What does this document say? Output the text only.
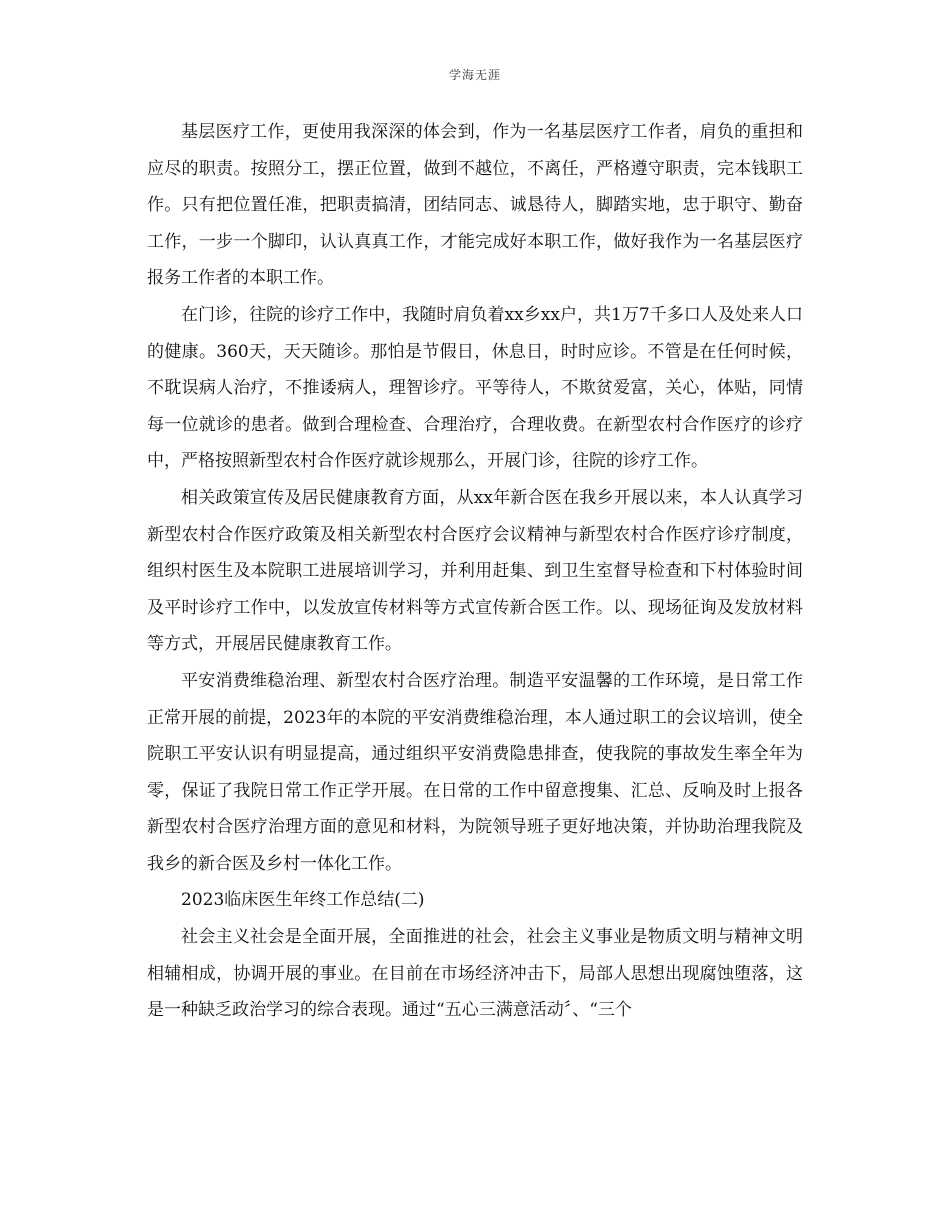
学海无涯

基层医疗工作，更使用我深深的体会到，作为一名基层医疗工作者，肩负的重担和应尽的职责。按照分工，摆正位置，做到不越位，不离任，严格遵守职责，完本钱职工作。只有把位置任准，把职责搞清，团结同志、诚恳待人，脚踏实地，忠于职守、勤奋工作，一步一个脚印，认认真真工作，才能完成好本职工作，做好我作为一名基层医疗报务工作者的本职工作。

在门诊，往院的诊疗工作中，我随时肩负着xx乡xx户，共1万7千多口人及处来人口的健康。360天，天天随诊。那怕是节假日，休息日，时时应诊。不管是在任何时候，不耽误病人治疗，不推诿病人，理智诊疗。平等待人，不欺贫爱富，关心，体贴，同情每一位就诊的患者。做到合理检查、合理治疗，合理收费。在新型农村合作医疗的诊疗中，严格按照新型农村合作医疗就诊规那么，开展门诊，往院的诊疗工作。

相关政策宣传及居民健康教育方面，从xx年新合医在我乡开展以来，本人认真学习新型农村合作医疗政策及相关新型农村合医疗会议精神与新型农村合作医疗诊疗制度，组织村医生及本院职工进展培训学习，并利用赶集、到卫生室督导检查和下村体验时间及平时诊疗工作中，以发放宣传材料等方式宣传新合医工作。以、现场征询及发放材料等方式，开展居民健康教育工作。

平安消费维稳治理、新型农村合医疗治理。制造平安温馨的工作环境，是日常工作正常开展的前提，2023年的本院的平安消费维稳治理，本人通过职工的会议培训，使全院职工平安认识有明显提高，通过组织平安消费隐患排查，使我院的事故发生率全年为零，保证了我院日常工作正学开展。在日常的工作中留意搜集、汇总、反响及时上报各新型农村合医疗治理方面的意见和材料，为院领导班子更好地决策，并协助治理我院及我乡的新合医及乡村一体化工作。

2023临床医生年终工作总结(二)

社会主义社会是全面开展，全面推进的社会，社会主义事业是物质文明与精神文明相辅相成，协调开展的事业。在目前在市场经济冲击下，局部人思想出现腐蚀堕落，这是一种缺乏政治学习的综合表现。通过“五心三满意活动〞、“三个
